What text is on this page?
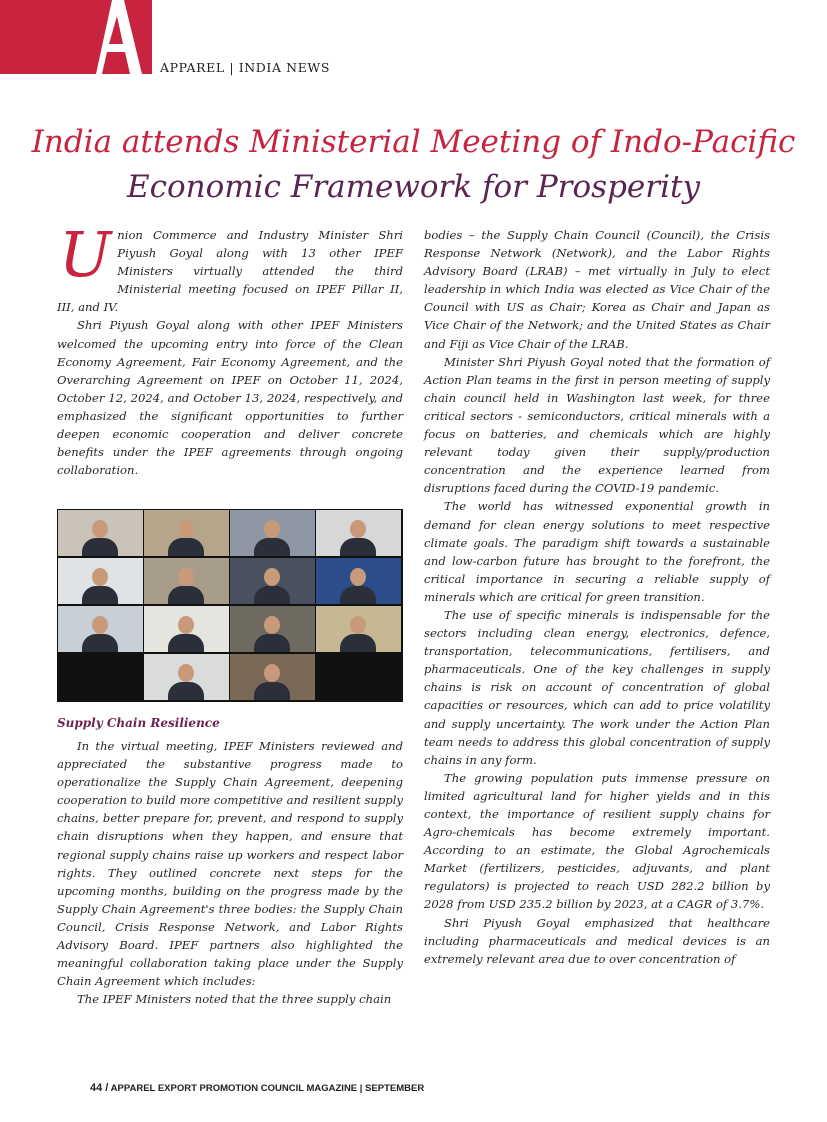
APPAREL | INDIA NEWS
India attends Ministerial Meeting of Indo-Pacific
Economic Framework for Prosperity

Union Commerce and Industry Minister Shri Piyush Goyal along with 13 other IPEF Ministers virtually attended the third Ministerial meeting focused on IPEF Pillar II, III, and IV.

Shri Piyush Goyal along with other IPEF Ministers welcomed the upcoming entry into force of the Clean Economy Agreement, Fair Economy Agreement, and the Overarching Agreement on IPEF on October 11, 2024, October 12, 2024, and October 13, 2024, respectively, and emphasized the significant opportunities to further deepen economic cooperation and deliver concrete benefits under the IPEF agreements through ongoing collaboration.

Supply Chain Resilience

In the virtual meeting, IPEF Ministers reviewed and appreciated the substantive progress made to operationalize the Supply Chain Agreement, deepening cooperation to build more competitive and resilient supply chains, better prepare for, prevent, and respond to supply chain disruptions when they happen, and ensure that regional supply chains raise up workers and respect labor rights. They outlined concrete next steps for the upcoming months, building on the progress made by the Supply Chain Agreement's three bodies: the Supply Chain Council, Crisis Response Network, and Labor Rights Advisory Board. IPEF partners also highlighted the meaningful collaboration taking place under the Supply Chain Agreement which includes:

The IPEF Ministers noted that the three supply chain

bodies – the Supply Chain Council (Council), the Crisis Response Network (Network), and the Labor Rights Advisory Board (LRAB) – met virtually in July to elect leadership in which India was elected as Vice Chair of the Council with US as Chair; Korea as Chair and Japan as Vice Chair of the Network; and the United States as Chair and Fiji as Vice Chair of the LRAB.

Minister Shri Piyush Goyal noted that the formation of Action Plan teams in the first in person meeting of supply chain council held in Washington last week, for three critical sectors - semiconductors, critical minerals with a focus on batteries, and chemicals which are highly relevant today given their supply/production concentration and the experience learned from disruptions faced during the COVID-19 pandemic.

The world has witnessed exponential growth in demand for clean energy solutions to meet respective climate goals. The paradigm shift towards a sustainable and low-carbon future has brought to the forefront, the critical importance in securing a reliable supply of minerals which are critical for green transition.

The use of specific minerals is indispensable for the sectors including clean energy, electronics, defence, transportation, telecommunications, fertilisers, and pharmaceuticals. One of the key challenges in supply chains is risk on account of concentration of global capacities or resources, which can add to price volatility and supply uncertainty. The work under the Action Plan team needs to address this global concentration of supply chains in any form.

The growing population puts immense pressure on limited agricultural land for higher yields and in this context, the importance of resilient supply chains for Agro-chemicals has become extremely important. According to an estimate, the Global Agrochemicals Market (fertilizers, pesticides, adjuvants, and plant regulators) is projected to reach USD 282.2 billion by 2028 from USD 235.2 billion by 2023, at a CAGR of 3.7%.

Shri Piyush Goyal emphasized that healthcare including pharmaceuticals and medical devices is an extremely relevant area due to over concentration of

44 / APPAREL EXPORT PROMOTION COUNCIL MAGAZINE | SEPTEMBER
